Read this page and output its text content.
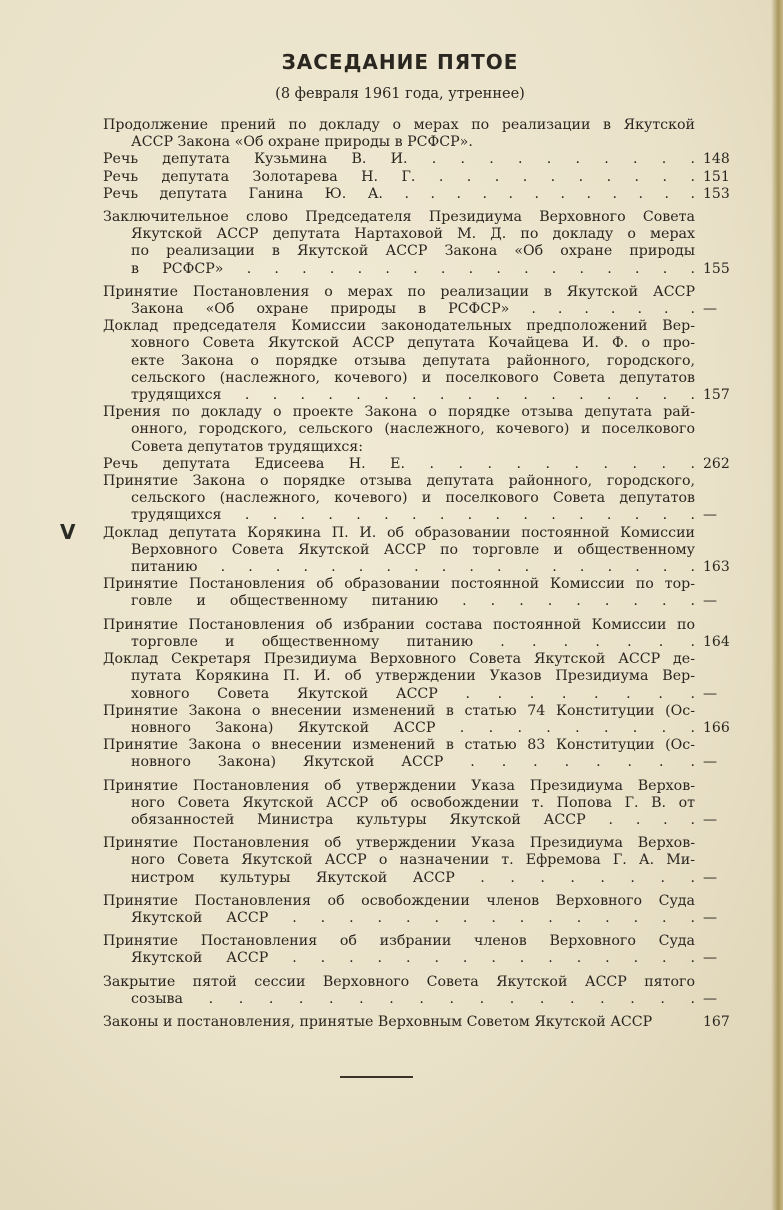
ЗАСЕДАНИЕ ПЯТОЕ
(8 февраля 1961 года, утреннее)
V
Продолжение прений по докладу о мерах по реализации в Якутской
АССР Закона «Об охране природы в РСФСР».
Речь депутата Кузьмина В. И. . . . . . . . . . . 148
Речь депутата Золотарева Н. Г. . . . . . . . . . . 151
Речь депутата Ганина Ю. А. . . . . . . . . . . . . 153
Заключительное слово Председателя Президиума Верховного Совета
Якутской АССР депутата Нартаховой М. Д. по докладу о мерах
по реализации в Якутской АССР Закона «Об охране природы
в РСФСР» . . . . . . . . . . . . . . . . . 155
Принятие Постановления о мерах по реализации в Якутской АССР
Закона «Об охране природы в РСФСР» . . . . . . . —
Доклад председателя Комиссии законодательных предположений Вер-
ховного Совета Якутской АССР депутата Кочайцева И. Ф. о про-
екте Закона о порядке отзыва депутата районного, городского,
сельского (наслежного, кочевого) и поселкового Совета депутатов
трудящихся . . . . . . . . . . . . . . . . . 157
Прения по докладу о проекте Закона о порядке отзыва депутата рай-
онного, городского, сельского (наслежного, кочевого) и поселкового
Совета депутатов трудящихся:
Речь депутата Едисеева Н. Е. . . . . . . . . . . 262
Принятие Закона о порядке отзыва депутата районного, городского,
сельского (наслежного, кочевого) и поселкового Совета депутатов
трудящихся . . . . . . . . . . . . . . . . . —
Доклад депутата Корякина П. И. об образовании постоянной Комиссии
Верховного Совета Якутской АССР по торговле и общественному
питанию . . . . . . . . . . . . . . . . . . 163
Принятие Постановления об образовании постоянной Комиссии по тор-
говле и общественному питанию . . . . . . . . . —
Принятие Постановления об избрании состава постоянной Комиссии по
торговле и общественному питанию . . . . . . . 164
Доклад Секретаря Президиума Верховного Совета Якутской АССР де-
путата Корякина П. И. об утверждении Указов Президиума Вер-
ховного Совета Якутской АССР . . . . . . . . —
Принятие Закона о внесении изменений в статью 74 Конституции (Ос-
новного Закона) Якутской АССР . . . . . . . . . 166
Принятие Закона о внесении изменений в статью 83 Конституции (Ос-
новного Закона) Якутской АССР . . . . . . . . —
Принятие Постановления об утверждении Указа Президиума Верхов-
ного Совета Якутской АССР об освобождении т. Попова Г. В. от
обязанностей Министра культуры Якутской АССР . . . . —
Принятие Постановления об утверждении Указа Президиума Верхов-
ного Совета Якутской АССР о назначении т. Ефремова Г. А. Ми-
нистром культуры Якутской АССР . . . . . . . . —
Принятие Постановления об освобождении членов Верховного Суда
Якутской АССР . . . . . . . . . . . . . . . —
Принятие Постановления об избрании членов Верховного Суда
Якутской АССР . . . . . . . . . . . . . . . —
Закрытие пятой сессии Верховного Совета Якутской АССР пятого
созыва . . . . . . . . . . . . . . . . . —
Законы и постановления, принятые Верховным Советом Якутской АССР	167
